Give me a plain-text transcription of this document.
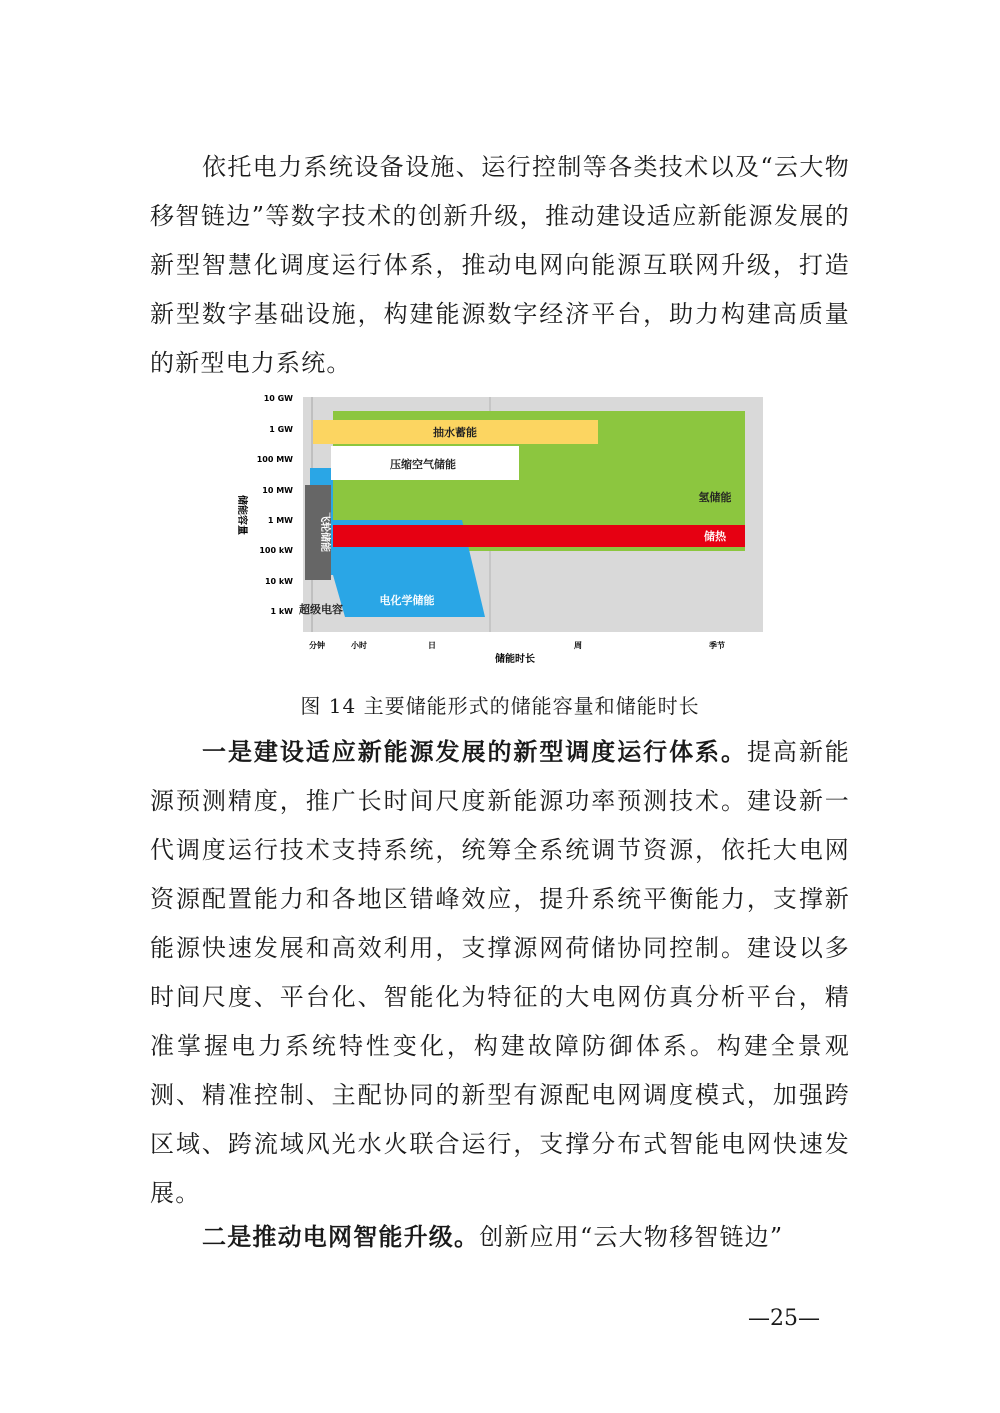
依托电力系统设备设施、运行控制等各类技术以及“云大物移智链边”等数字技术的创新升级，推动建设适应新能源发展的新型智慧化调度运行体系，推动电网向能源互联网升级，打造新型数字基础设施，构建能源数字经济平台，助力构建高质量的新型电力系统。

抽水蓄能
压缩空气储能
氢储能
储热
电化学储能
飞轮储能
超级电容
10 GW
1 GW
100 MW
10 MW
1 MW
100 kW
10 kW
1 kW
储能容量
分钟	小时	日	周	季节
储能时长
图 14 主要储能形式的储能容量和储能时长

一是建设适应新能源发展的新型调度运行体系。提高新能源预测精度，推广长时间尺度新能源功率预测技术。建设新一代调度运行技术支持系统，统筹全系统调节资源，依托大电网资源配置能力和各地区错峰效应，提升系统平衡能力，支撑新能源快速发展和高效利用，支撑源网荷储协同控制。建设以多时间尺度、平台化、智能化为特征的大电网仿真分析平台，精准掌握电力系统特性变化，构建故障防御体系。构建全景观测、精准控制、主配协同的新型有源配电网调度模式，加强跨区域、跨流域风光水火联合运行，支撑分布式智能电网快速发展。

二是推动电网智能升级。创新应用“云大物移智链边”

—25—
